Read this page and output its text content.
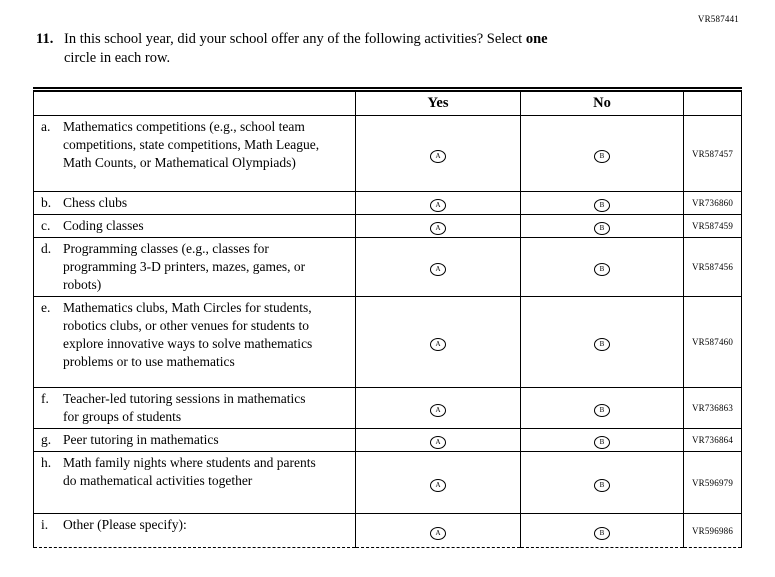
VR587441
11. In this school year, did your school offer any of the following activities? Select one
circle in each row.
	Yes	No	

a. Mathematics competitions (e.g., school team competitions, state competitions, Math League, Math Counts, or Mathematical Olympiads)	A	B	VR587457

b. Chess clubs	A	B	VR736860

c. Coding classes	A	B	VR587459

d. Programming classes (e.g., classes for programming 3-D printers, mazes, games, or robots)	A	B	VR587456

e. Mathematics clubs, Math Circles for students, robotics clubs, or other venues for students to explore innovative ways to solve mathematics problems or to use mathematics	A	B	VR587460

f. Teacher-led tutoring sessions in mathematics for groups of students	A	B	VR736863

g. Peer tutoring in mathematics	A	B	VR736864

h. Math family nights where students and parents do mathematical activities together	A	B	VR596979

i. Other (Please specify):	A	B	VR596986
